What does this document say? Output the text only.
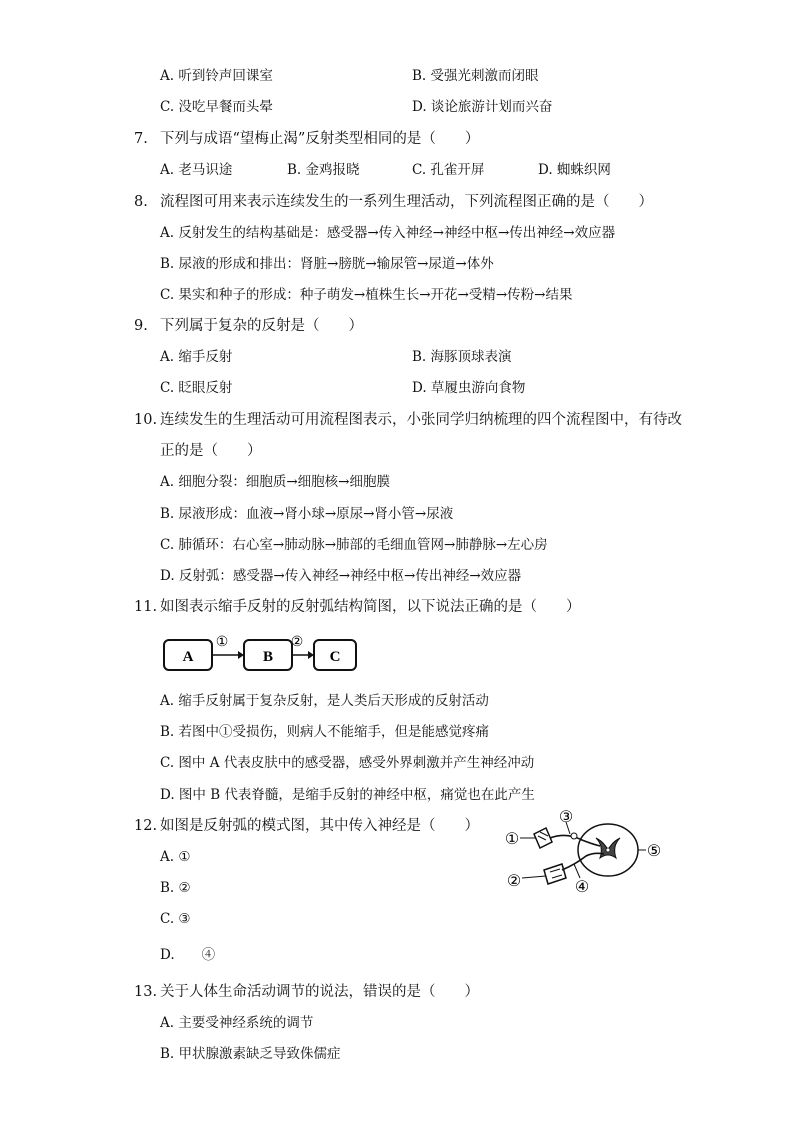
A. 听到铃声回课室	B. 受强光刺激而闭眼
C. 没吃早餐而头晕	D. 谈论旅游计划而兴奋
7. 下列与成语“望梅止渴”反射类型相同的是（　　）
A. 老马识途	B. 金鸡报晓	C. 孔雀开屏	D. 蜘蛛织网
8. 流程图可用来表示连续发生的一系列生理活动，下列流程图正确的是（　　）
A. 反射发生的结构基础是：感受器→传入神经→神经中枢→传出神经→效应器
B. 尿液的形成和排出：肾脏→膀胱→输尿管→尿道→体外
C. 果实和种子的形成：种子萌发→植株生长→开花→受精→传粉→结果
9. 下列属于复杂的反射是（　　）
A. 缩手反射	B. 海豚顶球表演
C. 眨眼反射	D. 草履虫游向食物
10. 连续发生的生理活动可用流程图表示，小张同学归纳梳理的四个流程图中，有待改
正的是（　　）
A. 细胞分裂：细胞质→细胞核→细胞膜
B. 尿液形成：血液→肾小球→原尿→肾小管→尿液
C. 肺循环：右心室→肺动脉→肺部的毛细血管网→肺静脉→左心房
D. 反射弧：感受器→传入神经→神经中枢→传出神经→效应器
11. 如图表示缩手反射的反射弧结构简图，以下说法正确的是（　　）
A
①
B
②
C
A. 缩手反射属于复杂反射，是人类后天形成的反射活动
B. 若图中①受损伤，则病人不能缩手，但是能感觉疼痛
C. 图中 A 代表皮肤中的感受器，感受外界刺激并产生神经冲动
D. 图中 B 代表脊髓，是缩手反射的神经中枢，痛觉也在此产生
12. 如图是反射弧的模式图，其中传入神经是（　　）
A. ①
B. ②
C. ③
D.　　④
①
②
③
④
⑤
13. 关于人体生命活动调节的说法，错误的是（　　）
A. 主要受神经系统的调节
B. 甲状腺激素缺乏导致侏儒症
